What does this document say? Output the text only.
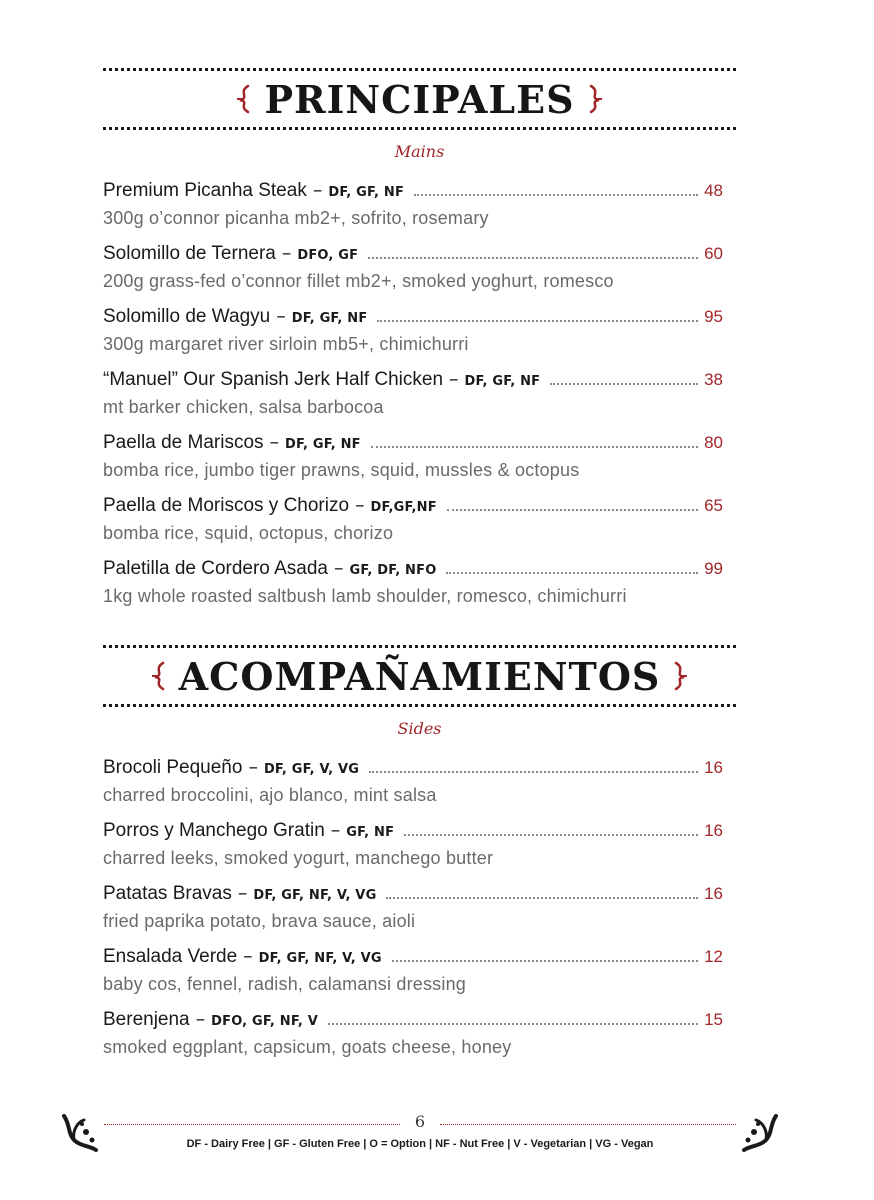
PRINCIPALES
Mains
Premium Picanha Steak – DF, GF, NF	48
300g o’connor picanha mb2+, sofrito, rosemary
Solomillo de Ternera – DFO, GF	60
200g grass-fed o’connor fillet mb2+, smoked yoghurt, romesco
Solomillo de Wagyu – DF, GF, NF	95
300g margaret river sirloin mb5+, chimichurri
“Manuel” Our Spanish Jerk Half Chicken – DF, GF, NF	38
mt barker chicken, salsa barbocoa
Paella de Mariscos – DF, GF, NF	80
bomba rice, jumbo tiger prawns, squid, mussles & octopus
Paella de Moriscos y Chorizo – DF,GF,NF	65
bomba rice, squid, octopus, chorizo
Paletilla de Cordero Asada – GF, DF, NFO	99
1kg whole roasted saltbush lamb shoulder, romesco, chimichurri
ACOMPAÑAMIENTOS
Sides
Brocoli Pequeño – DF, GF, V, VG	16
charred broccolini, ajo blanco, mint salsa
Porros y Manchego Gratin – GF, NF	16
charred leeks, smoked yogurt, manchego butter
Patatas Bravas – DF, GF, NF, V, VG	16
fried paprika potato, brava sauce, aioli
Ensalada Verde – DF, GF, NF, V, VG	12
baby cos, fennel, radish, calamansi dressing
Berenjena – DFO, GF, NF, V	15
smoked eggplant, capsicum, goats cheese, honey
6
DF - Dairy Free | GF - Gluten Free | O = Option | NF - Nut Free | V - Vegetarian | VG - Vegan
